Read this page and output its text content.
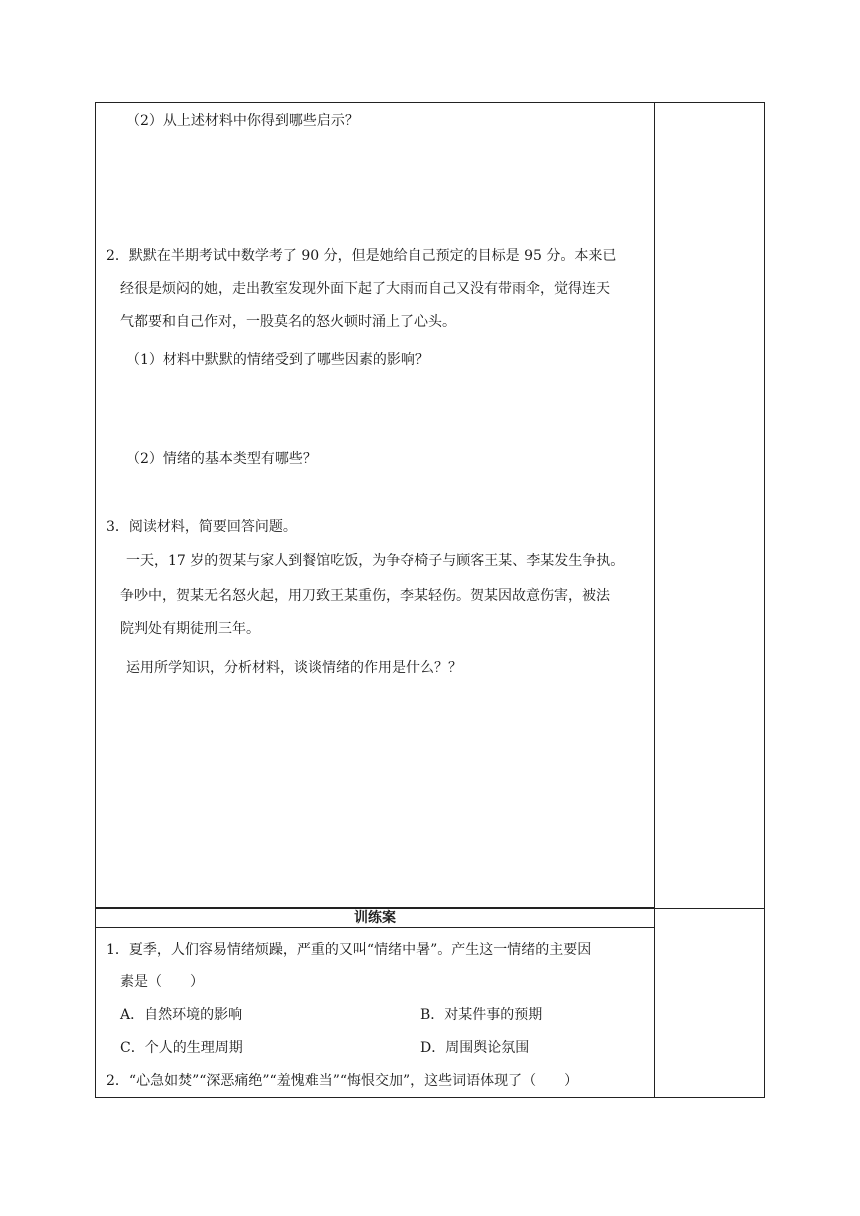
（2）从上述材料中你得到哪些启示？
2．默默在半期考试中数学考了 90 分，但是她给自己预定的目标是 95 分。本来已
经很是烦闷的她，走出教室发现外面下起了大雨而自己又没有带雨伞，觉得连天
气都要和自己作对，一股莫名的怒火顿时涌上了心头。
（1）材料中默默的情绪受到了哪些因素的影响？
（2）情绪的基本类型有哪些？
3．阅读材料，简要回答问题。
一天，17 岁的贺某与家人到餐馆吃饭，为争夺椅子与顾客王某、李某发生争执。
争吵中，贺某无名怒火起，用刀致王某重伤，李某轻伤。贺某因故意伤害，被法
院判处有期徒刑三年。
运用所学知识，分析材料，谈谈情绪的作用是什么？？
训练案
1．夏季，人们容易情绪烦躁，严重的又叫“情绪中暑”。产生这一情绪的主要因
素是（　　）
A．自然环境的影响	B．对某件事的预期
C．个人的生理周期	D．周围舆论氛围
2．“心急如焚”“深恶痛绝”“羞愧难当”“悔恨交加”，这些词语体现了（　　）
